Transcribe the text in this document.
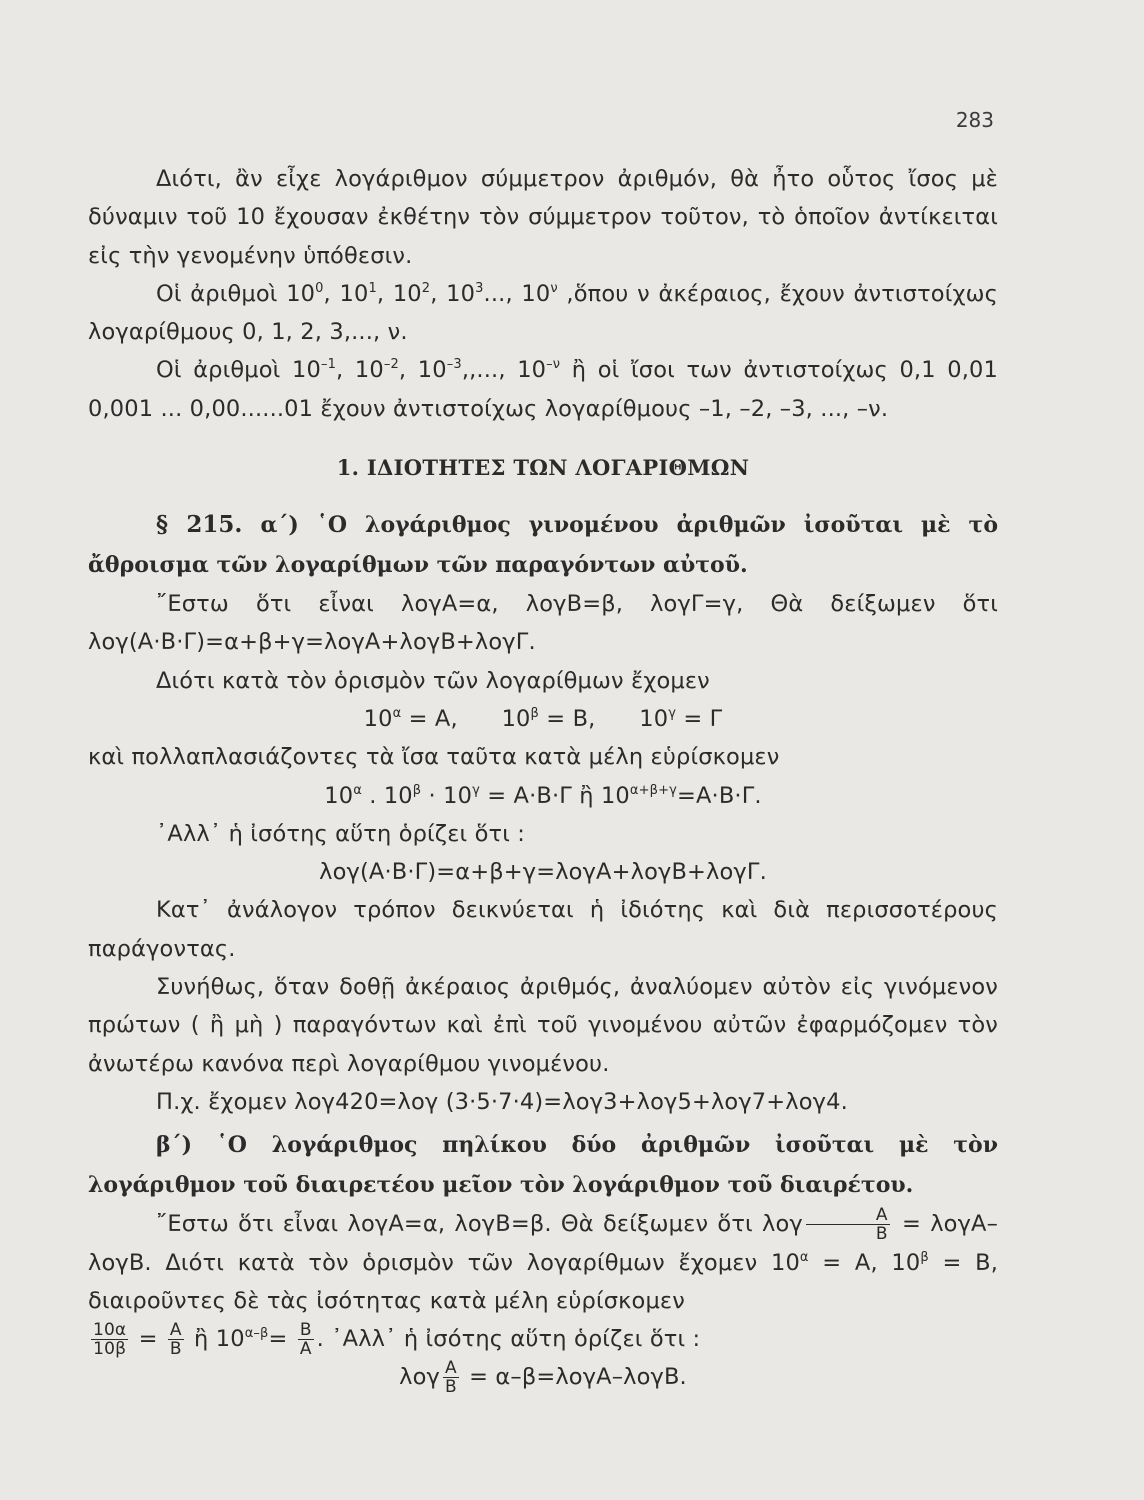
283

Διότι, ἂν εἶχε λογάριθμον σύμμετρον ἀριθμόν, θὰ ἦτο οὗτος ἴσος μὲ δύναμιν τοῦ 10 ἔχουσαν ἐκθέτην τὸν σύμμετρον τοῦτον, τὸ ὁποῖον ἀντίκειται εἰς τὴν γενομένην ὑπόθεσιν.

Οἱ ἀριθμοὶ $10^0$, $10^1$, $10^2$, $10^3$..., $10^\nu$ ,ὅπου ν ἀκέραιος, ἔχουν ἀντιστοίχως λογαρίθμους 0, 1, 2, 3,..., ν.

Οἱ ἀριθμοὶ $10^{-1}$, $10^{-2}$, $10^{-3}$,,..., $10^{-\nu}$ ἢ οἱ ἴσοι των ἀντιστοίχως 0,1 0,01 0,001 ... 0,00......01 ἔχουν ἀντιστοίχως λογαρίθμους –1, –2, –3, ..., –ν.

1. ΙΔΙΟΤΗΤΕΣ ΤΩΝ ΛΟΓΑΡΙΘΜΩΝ

§ 215. α΄) ῾Ο λογάριθμος γινομένου ἀριθμῶν ἰσοῦται μὲ τὸ ἄθροισμα τῶν λογαρίθμων τῶν παραγόντων αὐτοῦ.

῎Εστω ὅτι εἶναι λογΑ=α, λογΒ=β, λογΓ=γ, Θὰ δείξωμεν ὅτι λογ(Α·Β·Γ)=α+β+γ=λογΑ+λογΒ+λογΓ.

Διότι κατὰ τὸν ὁρισμὸν τῶν λογαρίθμων ἔχομεν

$10^\alpha = A$,      $10^\beta = B$,      $10^\gamma = \Gamma$

καὶ πολλαπλασιάζοντες τὰ ἴσα ταῦτα κατὰ μέλη εὑρίσκομεν

$10^\alpha$ . $10^\beta \cdot 10^\gamma = A\cdot B\cdot\Gamma$ ἢ $10^{\alpha+\beta+\gamma}=A\cdot B\cdot\Gamma$.

᾿Αλλ᾿ ἡ ἰσότης αὕτη ὁρίζει ὅτι :

λογ(Α·Β·Γ)=α+β+γ=λογΑ+λογΒ+λογΓ.

Κατ᾿ ἀνάλογον τρόπον δεικνύεται ἡ ἰδιότης καὶ διὰ περισσοτέρους παράγοντας.

Συνήθως, ὅταν δοθῇ ἀκέραιος ἀριθμός, ἀναλύομεν αὐτὸν εἰς γινόμενον πρώτων ( ἢ μὴ ) παραγόντων καὶ ἐπὶ τοῦ γινομένου αὐτῶν ἐφαρμόζομεν τὸν ἀνωτέρω κανόνα περὶ λογαρίθμου γινομένου.

Π.χ. ἔχομεν λογ420=λογ (3·5·7·4)=λογ3+λογ5+λογ7+λογ4.

β΄) ῾Ο λογάριθμος πηλίκου δύο ἀριθμῶν ἰσοῦται μὲ τὸν λογάριθμον τοῦ διαιρετέου μεῖον τὸν λογάριθμον τοῦ διαιρέτου.

῎Εστω ὅτι εἶναι λογΑ=α, λογΒ=β. Θὰ δείξωμεν ὅτι λογ $\frac{A}{B} = \lambda o\gamma A-\lambda o\gamma B$. Διότι κατὰ τὸν ὁρισμὸν τῶν λογαρίθμων ἔχομεν $10^\alpha = A$, $10^\beta = B$, διαιροῦντες δὲ τὰς ἰσότητας κατὰ μέλη εὑρίσκομεν

$\frac{10\alpha}{10\beta} = \frac{A}{B}$ ἢ $10^{\alpha-\beta}= \frac{B}{A}$ . ᾿Αλλ᾿ ἡ ἰσότης αὕτη ὁρίζει ὅτι :

λογ $\frac{A}{B} = \alpha-\beta=\lambda o\gamma A-\lambda o\gamma B$.
